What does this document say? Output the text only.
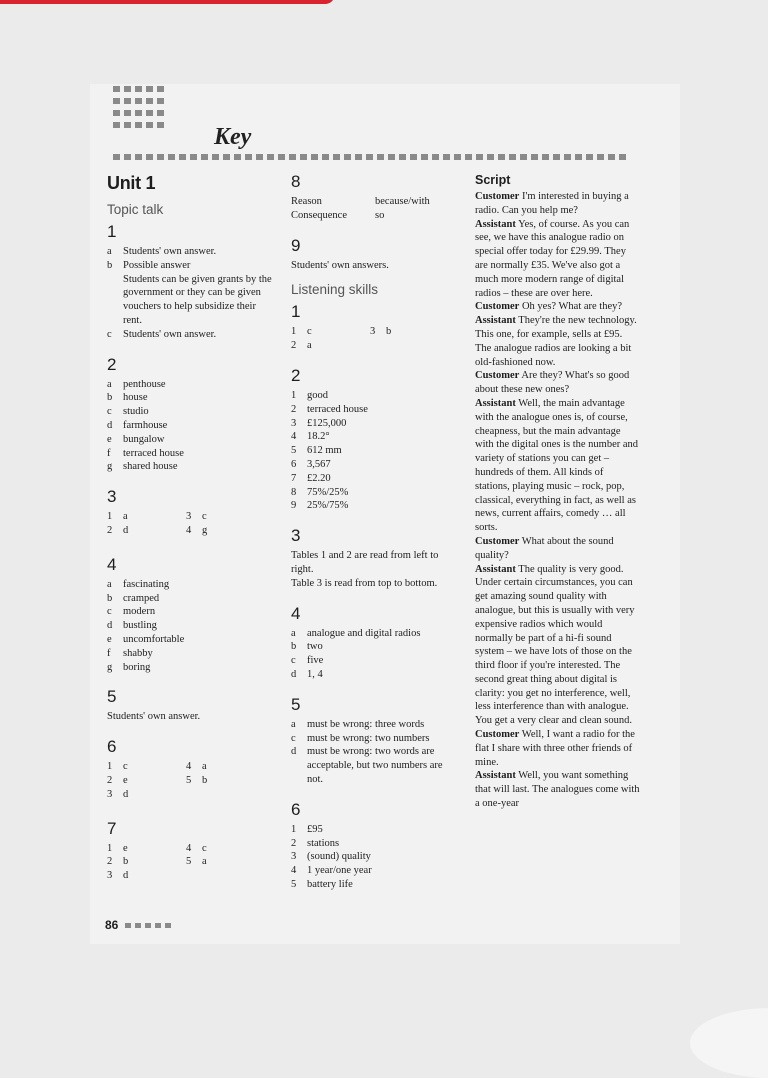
Key
Unit 1
Topic talk
1
a	Students' own answer.
b	Possible answer
Students can be given grants by the government or they can be given vouchers to help subsidize their rent.
c	Students' own answer.
2
a	penthouse
b	house
c	studio
d	farmhouse
e	bungalow
f	terraced house
g	shared house
3
1	a	3	c
2	d	4	g
4
a	fascinating
b	cramped
c	modern
d	bustling
e	uncomfortable
f	shabby
g	boring
5

Students' own answer.

6
1	c	4	a
2	e	5	b
3	d
7
1	e	4	c
2	b	5	a
3	d
8
Reason	because/with
Consequence	so
9

Students' own answers.

Listening skills
1
1	c	3	b
2	a
2
1	good
2	terraced house
3	£125,000
4	18.2°
5	612 mm
6	3,567
7	£2.20
8	75%/25%
9	25%/75%
3

Tables 1 and 2 are read from left to right.

Table 3 is read from top to bottom.

4
a	analogue and digital radios
b	two
c	five
d	1, 4
5
a	must be wrong: three words
c	must be wrong: two numbers
d	must be wrong: two words are acceptable, but two numbers are not.
6
1	£95
2	stations
3	(sound) quality
4	1 year/one year
5	battery life
Script
Customer I'm interested in buying a radio. Can you help me?
Assistant Yes, of course. As you can see, we have this analogue radio on special offer today for £29.99. They are normally £35. We've also got a much more modern range of digital radios – these are over here.
Customer Oh yes? What are they?
Assistant They're the new technology. This one, for example, sells at £95. The analogue radios are looking a bit old-fashioned now.
Customer Are they? What's so good about these new ones?
Assistant Well, the main advantage with the analogue ones is, of course, cheapness, but the main advantage with the digital ones is the number and variety of stations you can get – hundreds of them. All kinds of stations, playing music – rock, pop, classical, everything in fact, as well as news, current affairs, comedy … all sorts.
Customer What about the sound quality?
Assistant The quality is very good. Under certain circumstances, you can get amazing sound quality with analogue, but this is usually with very expensive radios which would normally be part of a hi-fi sound system – we have lots of those on the third floor if you're interested. The second great thing about digital is clarity: you get no interference, well, less interference than with analogue. You get a very clear and clean sound.
Customer Well, I want a radio for the flat I share with three other friends of mine.
Assistant Well, you want something that will last. The analogues come with a one-year
86
